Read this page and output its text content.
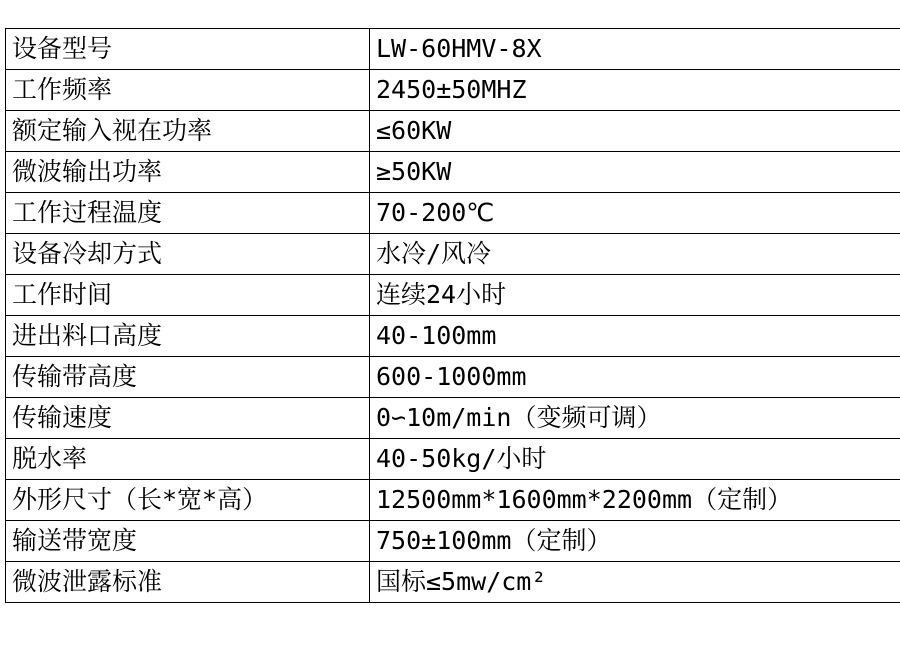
设备型号	LW-60HMV-8X
工作频率	2450±50MHZ
额定输入视在功率	≤60KW
微波输出功率	≥50KW
工作过程温度	70-200℃
设备冷却方式	水冷/风冷
工作时间	连续24小时
进出料口高度	40-100mm
传输带高度	600-1000mm
传输速度	0∽10m/min（变频可调）
脱水率	40-50kg/小时
外形尺寸（长*宽*高）	12500mm*1600mm*2200mm（定制）
输送带宽度	750±100mm（定制）
微波泄露标准	国标≤5mw/cm²
